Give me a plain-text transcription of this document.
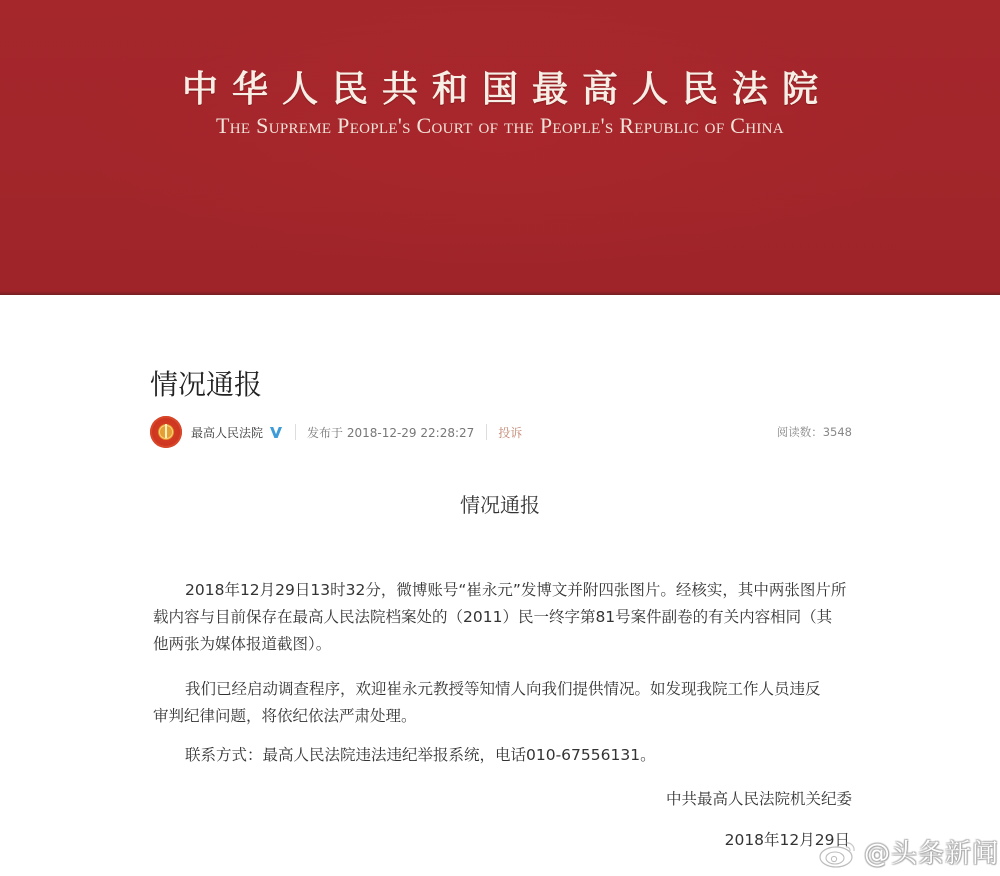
中华人民共和国最高人民法院
The Supreme People's Court of the People's Republic of China
情况通报
最高人民法院	发布于 2018-12-29 22:28:27 投诉	阅读数：3548
情况通报

2018年12月29日13时32分，微博账号“崔永元”发博文并附四张图片。经核实，其中两张图片所
载内容与目前保存在最高人民法院档案处的（2011）民一终字第81号案件副卷的有关内容相同（其
他两张为媒体报道截图）。

我们已经启动调查程序，欢迎崔永元教授等知情人向我们提供情况。如发现我院工作人员违反
审判纪律问题，将依纪依法严肃处理。

联系方式：最高人民法院违法违纪举报系统，电话010-67556131。

中共最高人民法院机关纪委
2018年12月29日 @头条新闻
